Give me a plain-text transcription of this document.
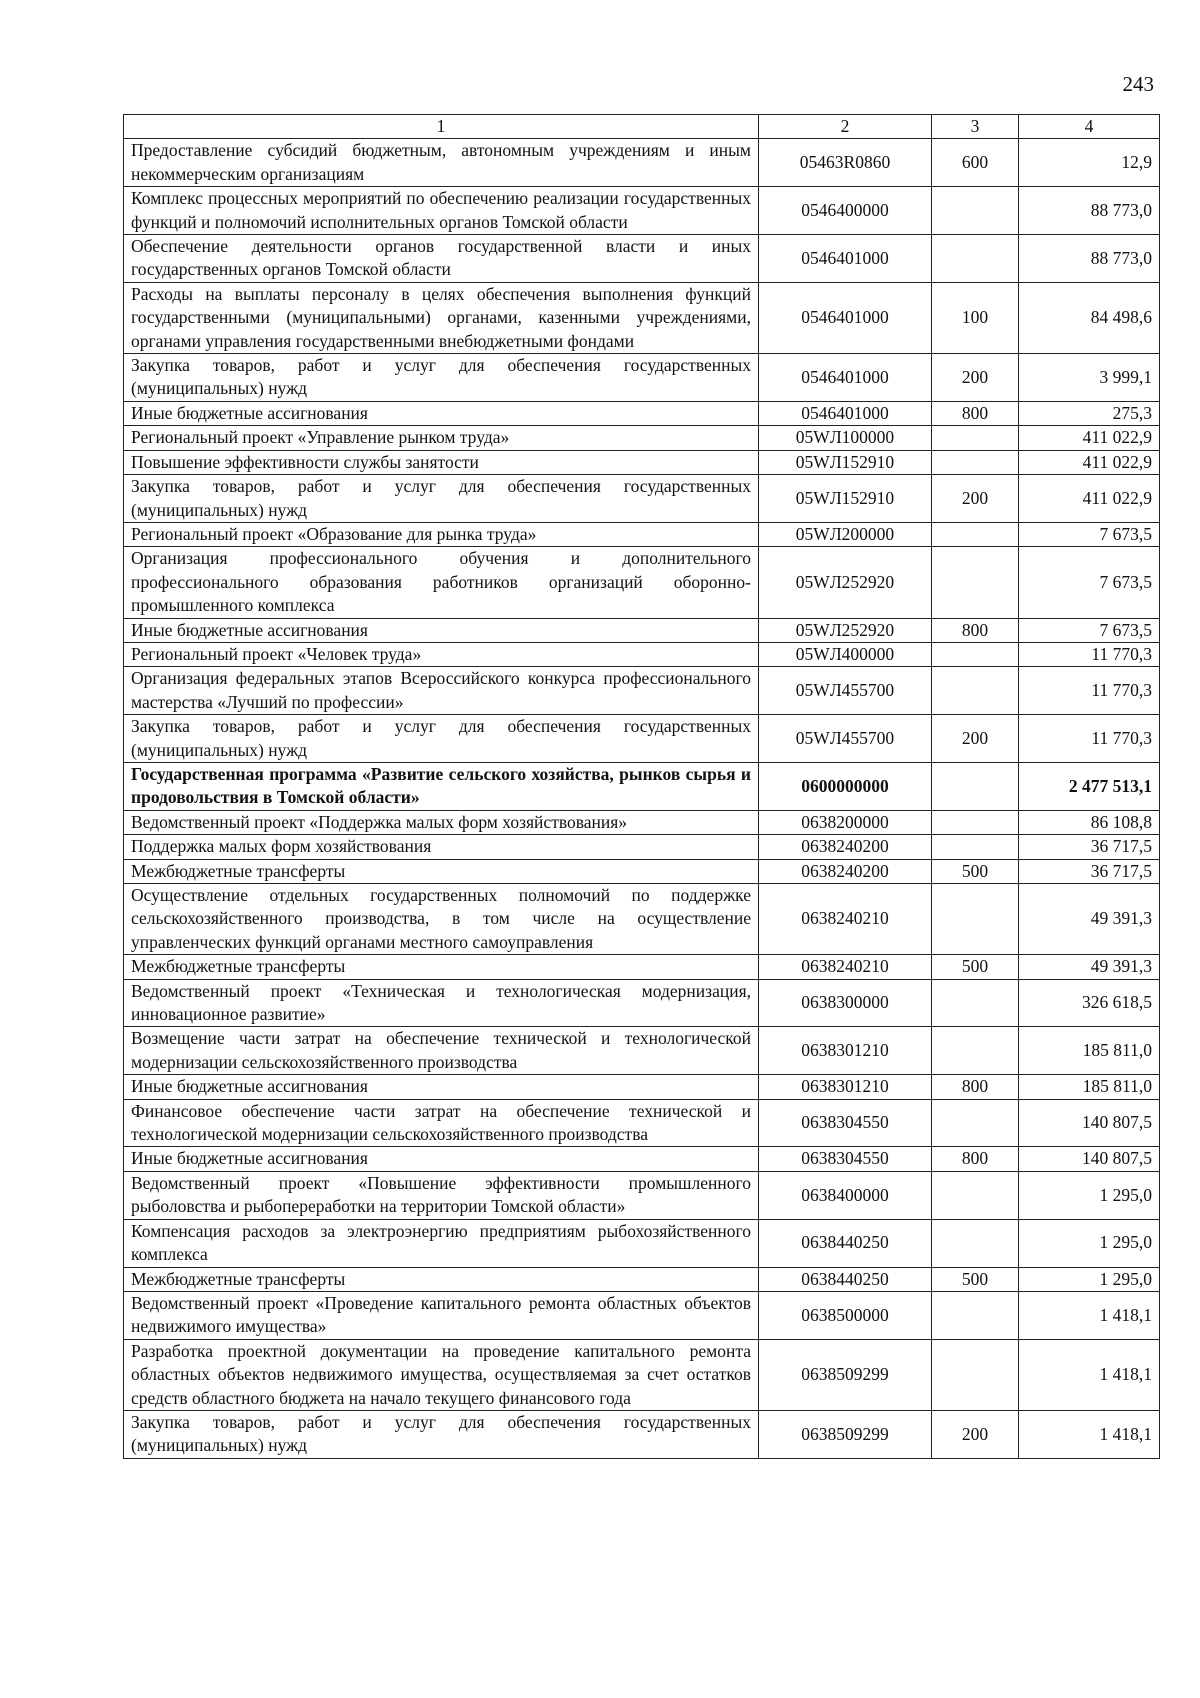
243
1	2	3	4
Предоставление субсидий бюджетным, автономным учреждениям и иным некоммерческим организациям	05463R0860	600	12,9
Комплекс процессных мероприятий по обеспечению реализации государственных функций и полномочий исполнительных органов Томской области	0546400000		88 773,0
Обеспечение деятельности органов государственной власти и иных государственных органов Томской области	0546401000		88 773,0
Расходы на выплаты персоналу в целях обеспечения выполнения функций государственными (муниципальными) органами, казенными учреждениями, органами управления государственными внебюджетными фондами	0546401000	100	84 498,6
Закупка товаров, работ и услуг для обеспечения государственных (муниципальных) нужд	0546401000	200	3 999,1
Иные бюджетные ассигнования	0546401000	800	275,3
Региональный проект «Управление рынком труда»	05WЛ100000		411 022,9
Повышение эффективности службы занятости	05WЛ152910		411 022,9
Закупка товаров, работ и услуг для обеспечения государственных (муниципальных) нужд	05WЛ152910	200	411 022,9
Региональный проект «Образование для рынка труда»	05WЛ200000		7 673,5
Организация профессионального обучения и дополнительного профессионального образования работников организаций оборонно-промышленного комплекса	05WЛ252920		7 673,5
Иные бюджетные ассигнования	05WЛ252920	800	7 673,5
Региональный проект «Человек труда»	05WЛ400000		11 770,3
Организация федеральных этапов Всероссийского конкурса профессионального мастерства «Лучший по профессии»	05WЛ455700		11 770,3
Закупка товаров, работ и услуг для обеспечения государственных (муниципальных) нужд	05WЛ455700	200	11 770,3
Государственная программа «Развитие сельского хозяйства, рынков сырья и продовольствия в Томской области»	0600000000		2 477 513,1
Ведомственный проект «Поддержка малых форм хозяйствования»	0638200000		86 108,8
Поддержка малых форм хозяйствования	0638240200		36 717,5
Межбюджетные трансферты	0638240200	500	36 717,5
Осуществление отдельных государственных полномочий по поддержке сельскохозяйственного производства, в том числе на осуществление управленческих функций органами местного самоуправления	0638240210		49 391,3
Межбюджетные трансферты	0638240210	500	49 391,3
Ведомственный проект «Техническая и технологическая модернизация, инновационное развитие»	0638300000		326 618,5
Возмещение части затрат на обеспечение технической и технологической модернизации сельскохозяйственного производства	0638301210		185 811,0
Иные бюджетные ассигнования	0638301210	800	185 811,0
Финансовое обеспечение части затрат на обеспечение технической и технологической модернизации сельскохозяйственного производства	0638304550		140 807,5
Иные бюджетные ассигнования	0638304550	800	140 807,5
Ведомственный проект «Повышение эффективности промышленного рыболовства и рыбопереработки на территории Томской области»	0638400000		1 295,0
Компенсация расходов за электроэнергию предприятиям рыбохозяйственного комплекса	0638440250		1 295,0
Межбюджетные трансферты	0638440250	500	1 295,0
Ведомственный проект «Проведение капитального ремонта областных объектов недвижимого имущества»	0638500000		1 418,1
Разработка проектной документации на проведение капитального ремонта областных объектов недвижимого имущества, осуществляемая за счет остатков средств областного бюджета на начало текущего финансового года	0638509299		1 418,1
Закупка товаров, работ и услуг для обеспечения государственных (муниципальных) нужд	0638509299	200	1 418,1
